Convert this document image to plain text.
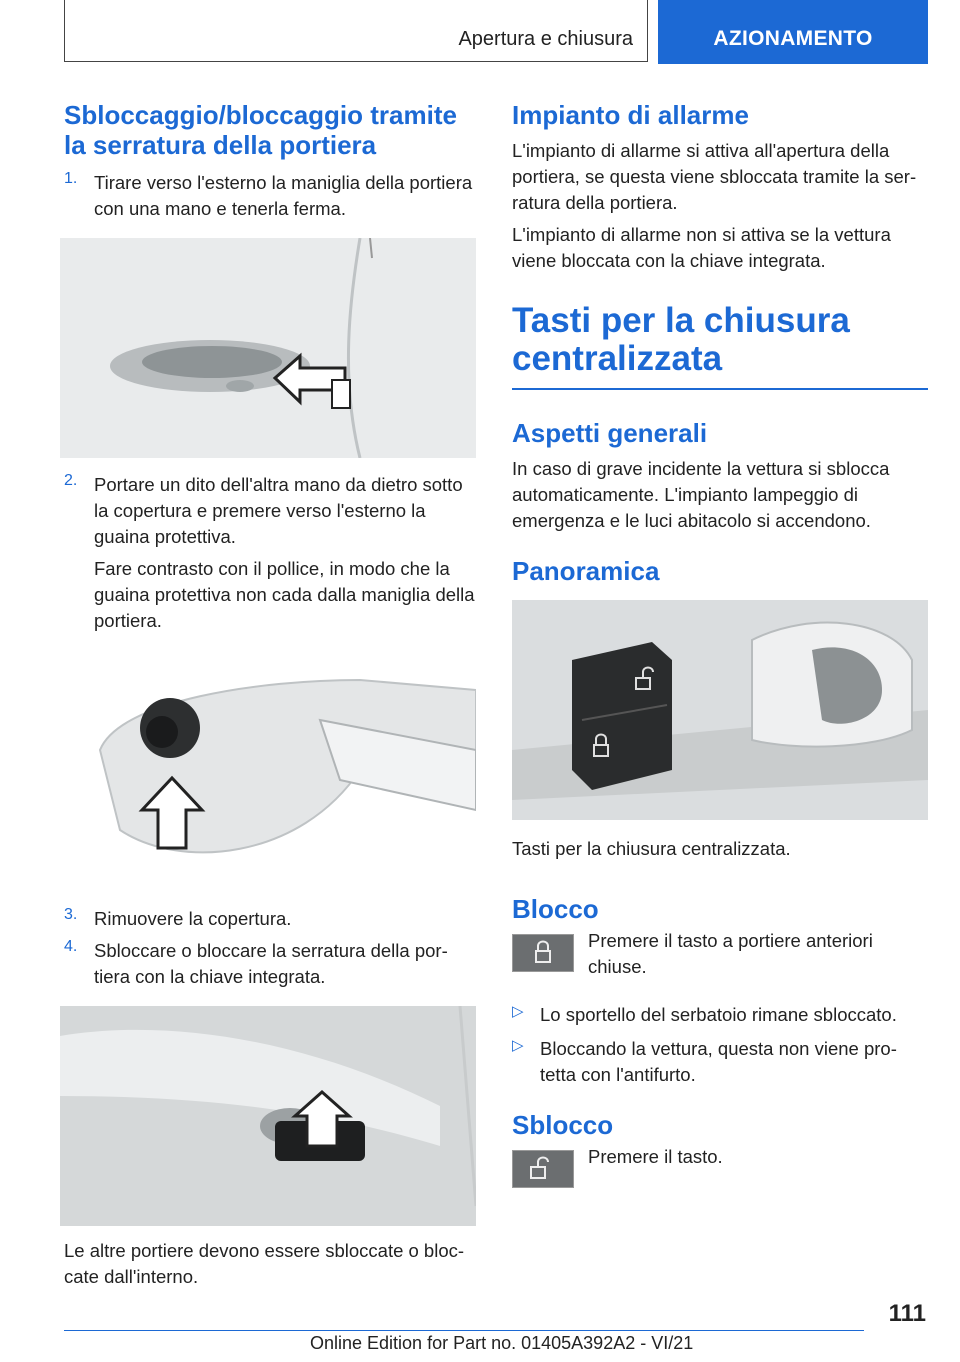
Apertura e chiusura	AZIONAMENTO
Sbloccaggio/bloccaggio tramite
la serratura della portiera
1. Tirare verso l'esterno la maniglia della portiera
con una mano e tenerla ferma.

2. Portare un dito dell'altra mano da dietro sotto
la copertura e premere verso l'esterno la
guaina protettiva.

Fare contrasto con il pollice, in modo che la
guaina protettiva non cada dalla maniglia della
portiera.

3. Rimuovere la copertura.

4. Sbloccare o bloccare la serratura della por-
tiera con la chiave integrata.

Le altre portiere devono essere sbloccate o bloc-
cate dall'interno.

Impianto di allarme

L'impianto di allarme si attiva all'apertura della
portiera, se questa viene sbloccata tramite la ser-
ratura della portiera.

L'impianto di allarme non si attiva se la vettura
viene bloccata con la chiave integrata.

Tasti per la chiusura
centralizzata
Aspetti generali

In caso di grave incidente la vettura si sblocca
automaticamente. L'impianto lampeggio di
emergenza e le luci abitacolo si accendono.

Panoramica

Tasti per la chiusura centralizzata.

Blocco

Premere il tasto a portiere anteriori
chiuse.

▷ Lo sportello del serbatoio rimane sbloccato.

▷ Bloccando la vettura, questa non viene pro-
tetta con l'antifurto.

Sblocco

Premere il tasto.

111
Online Edition for Part no. 01405A392A2 - VI/21
